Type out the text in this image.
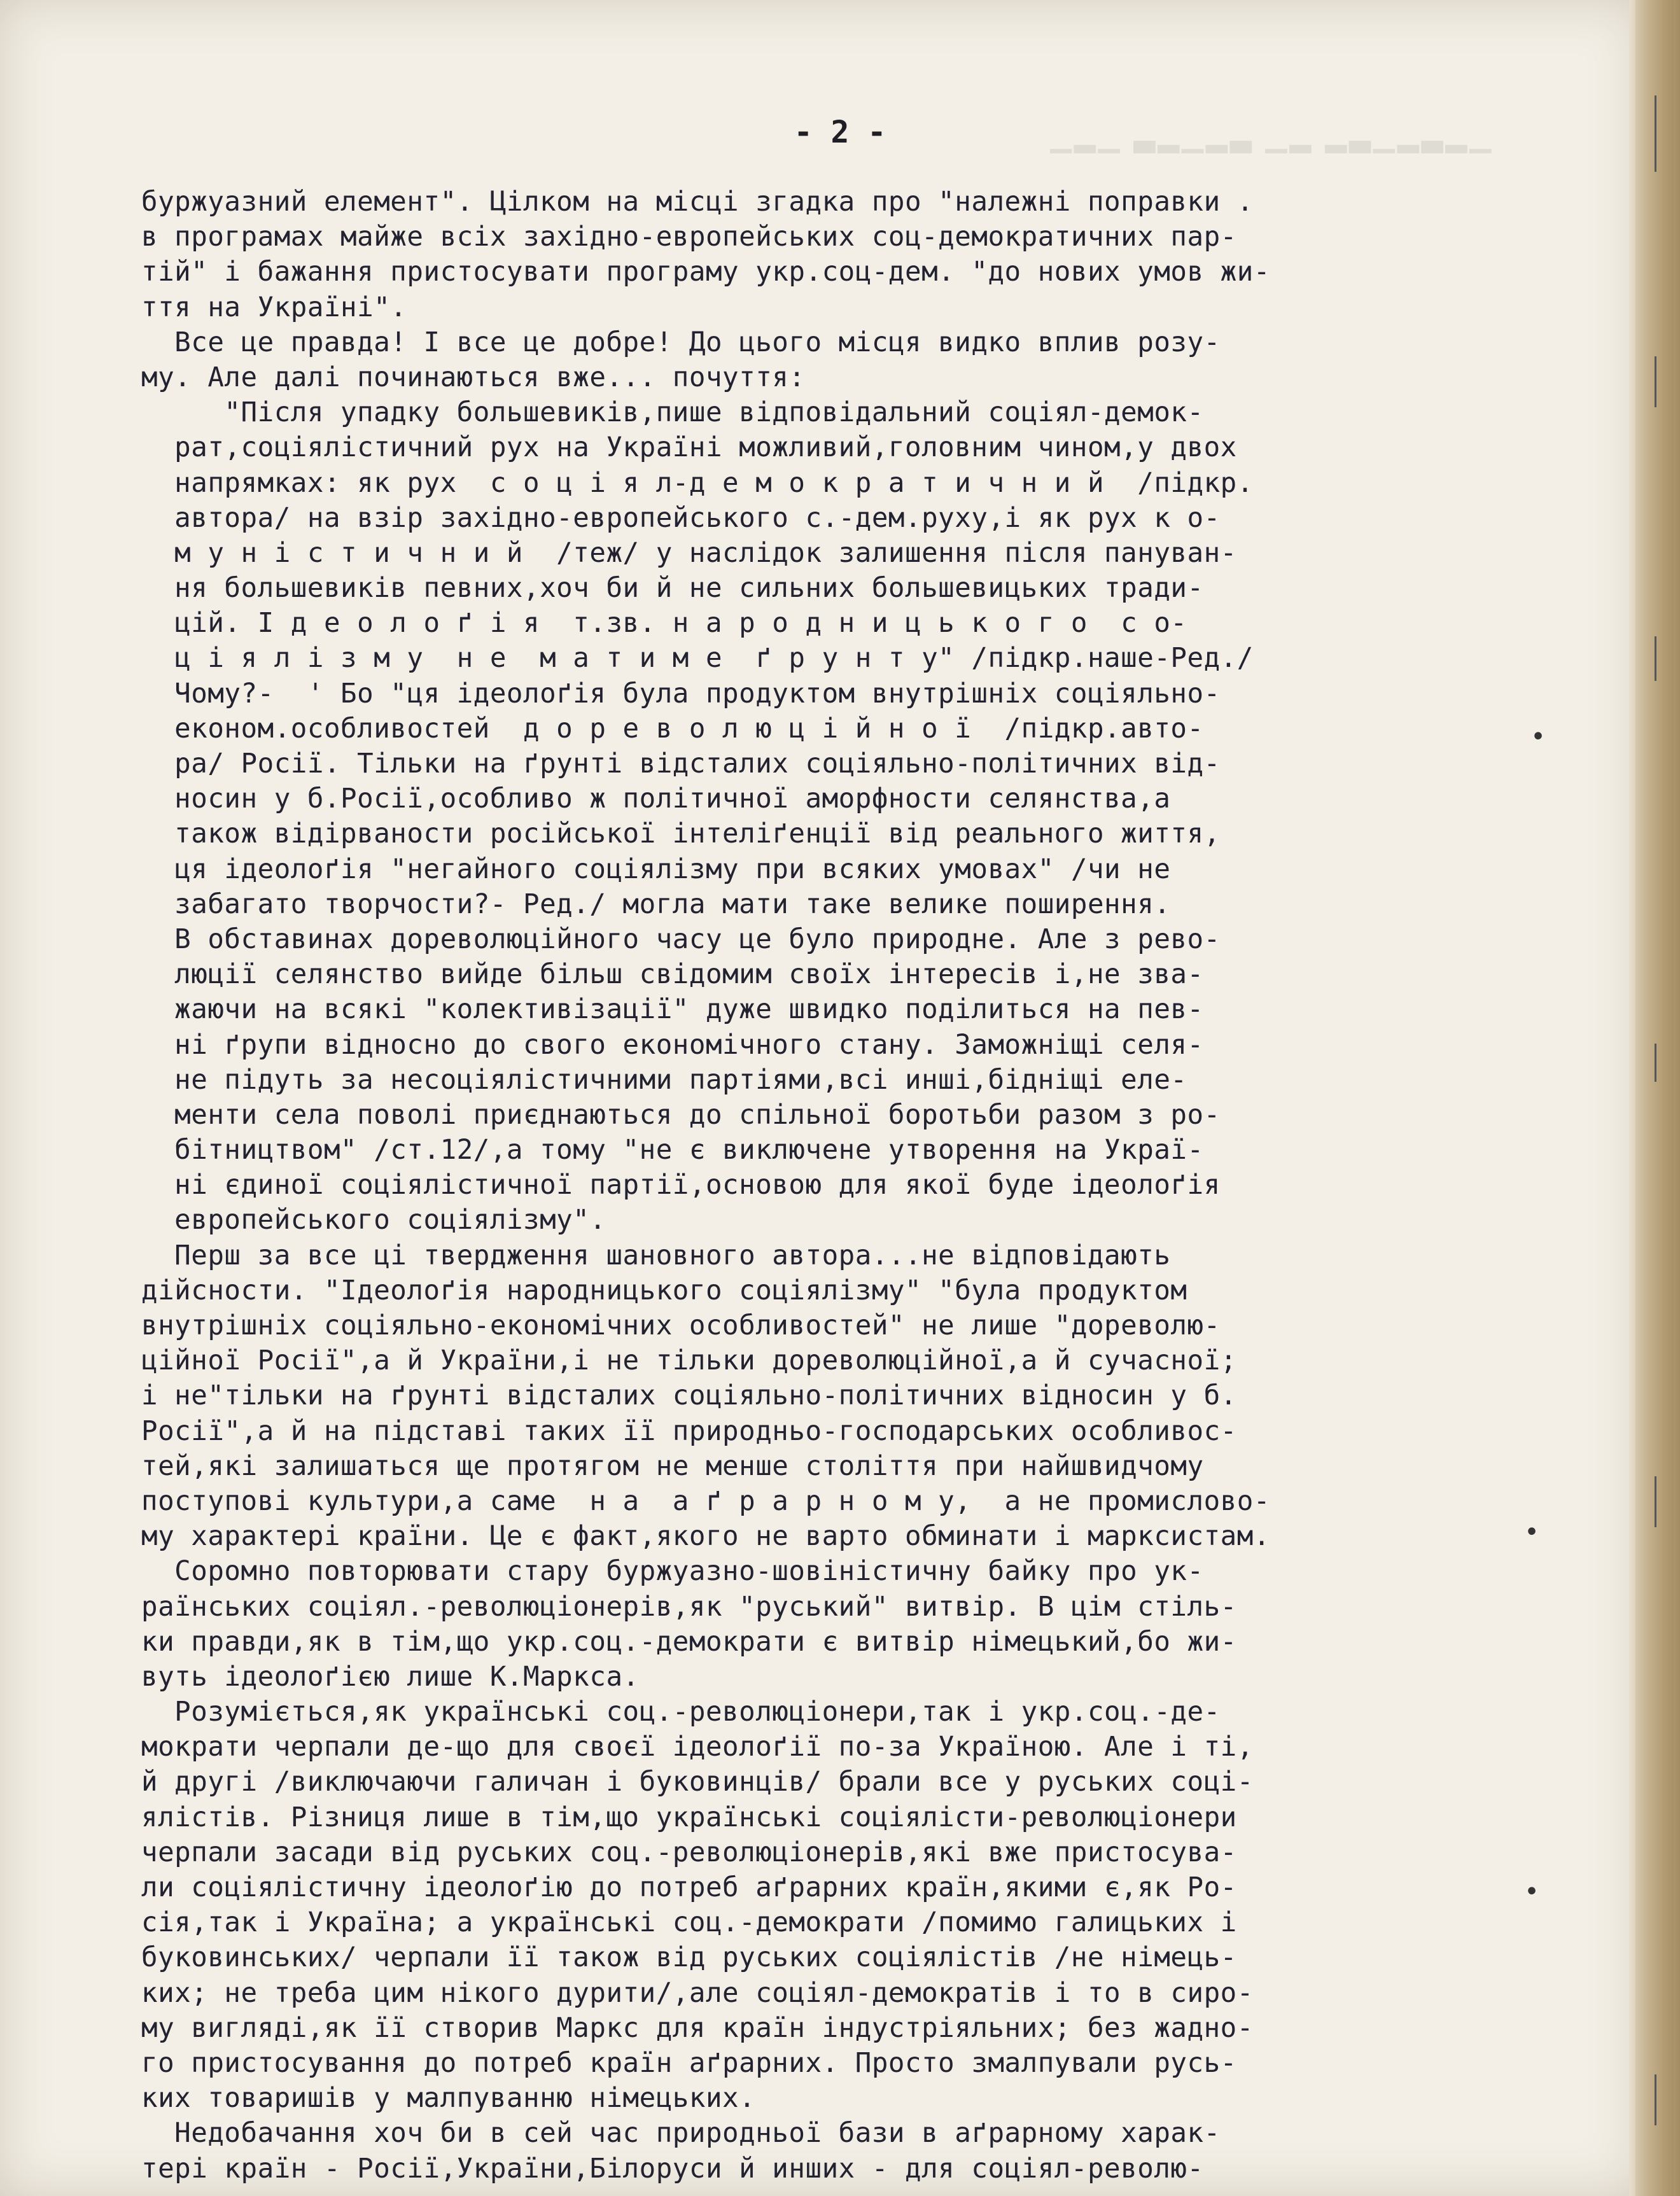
▁▂▁ ▃▂▁▂▃ ▁▂ ▂▃▁▂▃▂▁
- 2 -
буржуазний елемент". Цілком на місці згадка про "належні поправки .
в програмах майже всіх західно-европейських соц-демократичних пар-
тій" і бажання пристосувати програму укр.соц-дем. "до нових умов жи-
ття на Україні".
Все це правда! І все це добре! До цього місця видко вплив розу-
му. Але далі починаються вже... почуття:
"Після упадку большевиків,пише відповідальний соціял-демок-
рат,соціялістичний рух на Україні можливий,головним чином,у двох
напрямках: як рух  с о ц і я л-д е м о к р а т и ч н и й  /підкр.
автора/ на взір західно-европейського с.-дем.руху,і як рух к о-
м у н і с т и ч н и й  /теж/ у наслідок залишення після пануван-
ня большевиків певних,хоч би й не сильних большевицьких тради-
цій. І д е о л о ґ і я  т.зв. н а р о д н и ц ь к о г о  с о-
ц і я л і з м у  н е  м а т и м е  ґ р у н т у" /підкр.наше-Ред./
Чому?-  ' Бо "ця ідеолоґія була продуктом внутрішніх соціяльно-
економ.особливостей  д о р е в о л ю ц і й н о ї  /підкр.авто-
ра/ Росії. Тільки на ґрунті відсталих соціяльно-політичних від-
носин у б.Росії,особливо ж політичної аморфности селянства,а
також відірваности російської інтеліґенції від реального життя,
ця ідеолоґія "негайного соціялізму при всяких умовах" /чи не
забагато творчости?- Ред./ могла мати таке велике поширення.
В обставинах дореволюційного часу це було природне. Але з рево-
люції селянство вийде більш свідомим своїх інтересів і,не зва-
жаючи на всякі "колективізації" дуже швидко поділиться на пев-
ні ґрупи відносно до свого економічного стану. Заможніщі селя-
не підуть за несоціялістичними партіями,всі инші,бідніщі еле-
менти села поволі приєднаються до спільної боротьби разом з ро-
бітництвом" /ст.12/,а тому "не є виключене утворення на Украї-
ні єдиної соціялістичної партії,основою для якої буде ідеолоґія
европейського соціялізму".
Перш за все ці твердження шановного автора...не відповідають
дійсности. "Ідеолоґія народницького соціялізму" "була продуктом
внутрішніх соціяльно-економічних особливостей" не лише "дореволю-
ційної Росії",а й України,і не тільки дореволюційної,а й сучасної;
і не"тільки на ґрунті відсталих соціяльно-політичних відносин у б.
Росії",а й на підставі таких її природньо-господарських особливос-
тей,які залишаться ще протягом не менше століття при найшвидчому
поступові культури,а саме  н а  а ґ р а р н о м у,  а не промислово-
му характері країни. Це є факт,якого не варто обминати і марксистам.
Соромно повторювати стару буржуазно-шовіністичну байку про ук-
раїнських соціял.-революціонерів,як "руський" витвір. В цім стіль-
ки правди,як в тім,що укр.соц.-демократи є витвір німецький,бо жи-
вуть ідеолоґією лише К.Маркса.
Розуміється,як українські соц.-революціонери,так і укр.соц.-де-
мократи черпали де-що для своєї ідеолоґії по-за Україною. Але і ті,
й другі /виключаючи галичан і буковинців/ брали все у руських соці-
ялістів. Різниця лише в тім,що українські соціялісти-революціонери
черпали засади від руських соц.-революціонерів,які вже пристосува-
ли соціялістичну ідеолоґію до потреб аґрарних країн,якими є,як Ро-
сія,так і Україна; а українські соц.-демократи /помимо галицьких і
буковинських/ черпали її також від руських соціялістів /не німець-
ких; не треба цим нікого дурити/,але соціял-демократів і то в сиро-
му вигляді,як її створив Маркс для країн індустріяльних; без жадно-
го пристосування до потреб країн аґрарних. Просто змалпували русь-
ких товаришів у малпуванню німецьких.
Недобачання хоч би в сей час природньої бази в аґрарному харак-
тері країн - Росії,України,Білоруси й инших - для соціял-револю-
•
•
•
